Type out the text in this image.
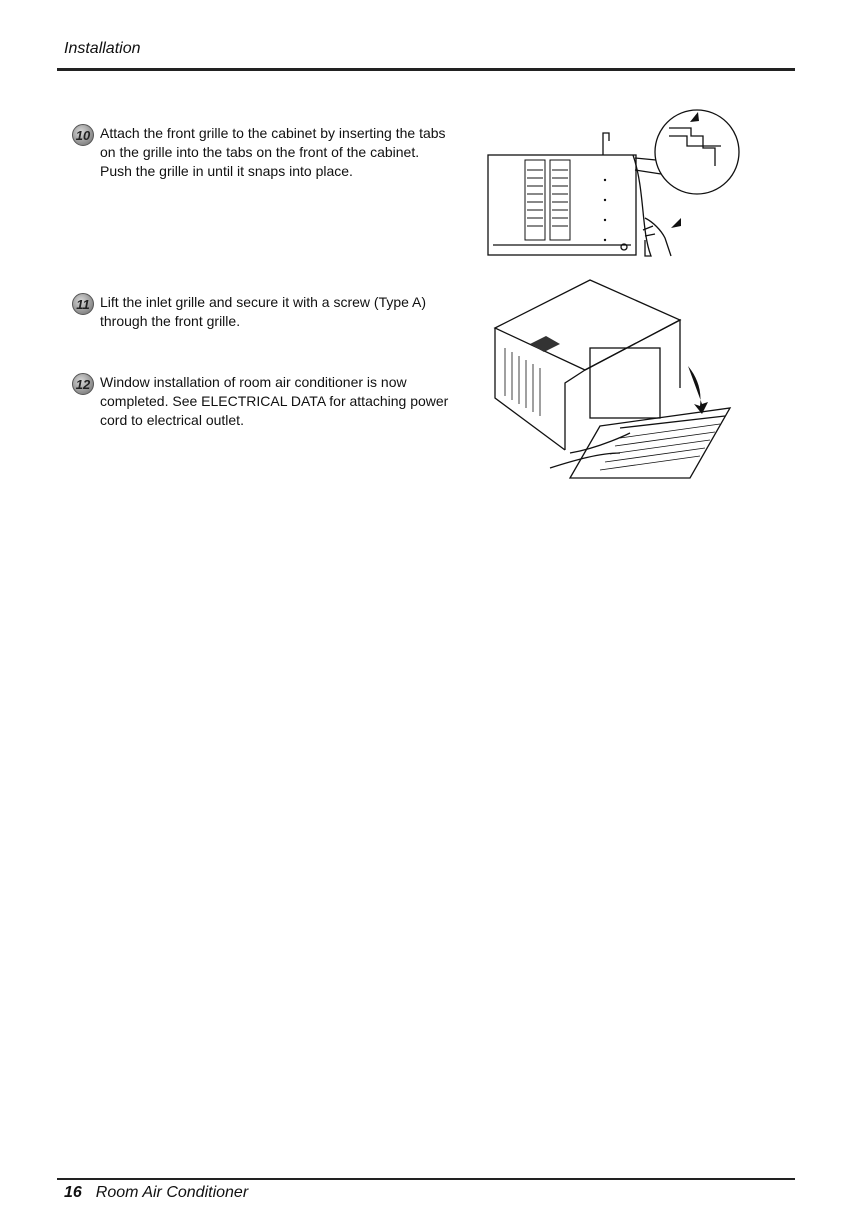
Installation
10 Attach the front grille to the cabinet by inserting the tabs on the grille into the tabs on the front of the cabinet. Push the grille in until it snaps into place.
11 Lift the inlet grille and secure it with a screw (Type A) through the front grille.
12 Window installation of room air conditioner is now completed. See ELECTRICAL DATA for attaching power cord to electrical outlet.
16 Room Air Conditioner
